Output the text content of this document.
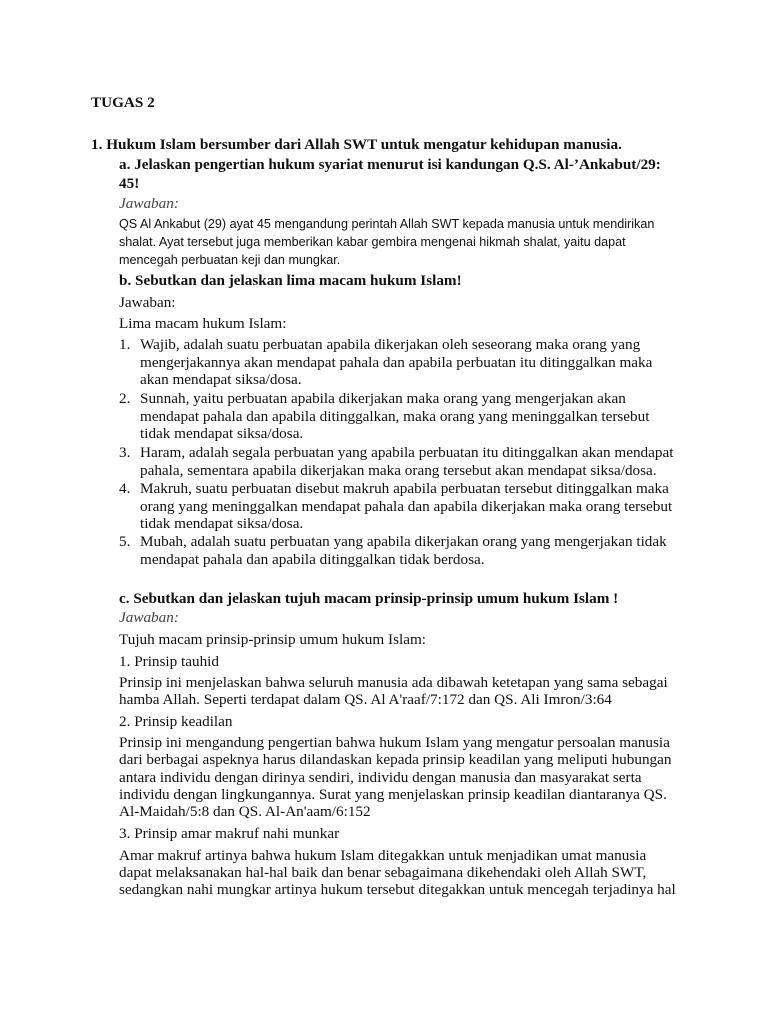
TUGAS 2
1. Hukum Islam bersumber dari Allah SWT untuk mengatur kehidupan manusia.
a. Jelaskan pengertian hukum syariat menurut isi kandungan Q.S. Al-’Ankabut/29:
45!
Jawaban:
QS Al Ankabut (29) ayat 45 mengandung perintah Allah SWT kepada manusia untuk mendirikan
shalat. Ayat tersebut juga memberikan kabar gembira mengenai hikmah shalat, yaitu dapat
mencegah perbuatan keji dan mungkar.
b. Sebutkan dan jelaskan lima macam hukum Islam!
Jawaban:
Lima macam hukum Islam:
1. Wajib, adalah suatu perbuatan apabila dikerjakan oleh seseorang maka orang yang
mengerjakannya akan mendapat pahala dan apabila perbuatan itu ditinggalkan maka
akan mendapat siksa/dosa.
2. Sunnah, yaitu perbuatan apabila dikerjakan maka orang yang mengerjakan akan
mendapat pahala dan apabila ditinggalkan, maka orang yang meninggalkan tersebut
tidak mendapat siksa/dosa.
3. Haram, adalah segala perbuatan yang apabila perbuatan itu ditinggalkan akan mendapat
pahala, sementara apabila dikerjakan maka orang tersebut akan mendapat siksa/dosa.
4. Makruh, suatu perbuatan disebut makruh apabila perbuatan tersebut ditinggalkan maka
orang yang meninggalkan mendapat pahala dan apabila dikerjakan maka orang tersebut
tidak mendapat siksa/dosa.
5. Mubah, adalah suatu perbuatan yang apabila dikerjakan orang yang mengerjakan tidak
mendapat pahala dan apabila ditinggalkan tidak berdosa.
c. Sebutkan dan jelaskan tujuh macam prinsip-prinsip umum hukum Islam !
Jawaban:
Tujuh macam prinsip-prinsip umum hukum Islam:
1. Prinsip tauhid
Prinsip ini menjelaskan bahwa seluruh manusia ada dibawah ketetapan yang sama sebagai
hamba Allah. Seperti terdapat dalam QS. Al A'raaf/7:172 dan QS. Ali Imron/3:64
2. Prinsip keadilan
Prinsip ini mengandung pengertian bahwa hukum Islam yang mengatur persoalan manusia
dari berbagai aspeknya harus dilandaskan kepada prinsip keadilan yang meliputi hubungan
antara individu dengan dirinya sendiri, individu dengan manusia dan masyarakat serta
individu dengan lingkungannya. Surat yang menjelaskan prinsip keadilan diantaranya QS.
Al-Maidah/5:8 dan QS. Al-An'aam/6:152
3. Prinsip amar makruf nahi munkar
Amar makruf artinya bahwa hukum Islam ditegakkan untuk menjadikan umat manusia
dapat melaksanakan hal-hal baik dan benar sebagaimana dikehendaki oleh Allah SWT,
sedangkan nahi mungkar artinya hukum tersebut ditegakkan untuk mencegah terjadinya hal
